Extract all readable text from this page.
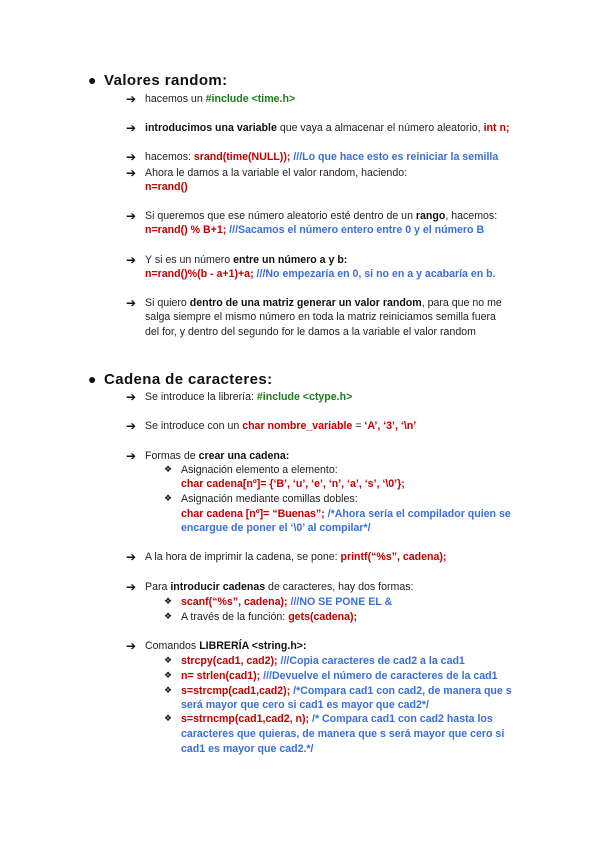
● Valores random:
➔ hacemos un #include <time.h>
➔ introducimos una variable que vaya a almacenar el número aleatorio, int n;
➔ hacemos: srand(time(NULL)); ///Lo que hace esto es reiniciar la semilla
➔ Ahora le damos a la variable el valor random, haciendo:
n=rand()
➔ Si queremos que ese número aleatorio esté dentro de un rango, hacemos:
n=rand() % B+1; ///Sacamos el número entero entre 0 y el número B
➔ Y si es un número entre un número a y b:
n=rand()%(b - a+1)+a; ///No empezaría en 0, si no en a y acabaría en b.
➔ Si quiero dentro de una matriz generar un valor random, para que no me
salga siempre el mismo número en toda la matriz reiniciamos semilla fuera
del for, y dentro del segundo for le damos a la variable el valor random
● Cadena de caracteres:
➔ Se introduce la librería: #include <ctype.h>
➔ Se introduce con un char nombre_variable = ‘A’, ‘3’, ‘\n’
➔ Formas de crear una cadena:
❖ Asignación elemento a elemento:
char cadena[nº]= {‘B’, ‘u’, ‘e’, ‘n’, ‘a’, ‘s’, ‘\0’};
❖ Asignación mediante comillas dobles:
char cadena [nº]= “Buenas”; /*Ahora sería el compilador quien se
encargue de poner el ‘\0’ al compilar*/
➔ A la hora de imprimir la cadena, se pone: printf(“%s”, cadena);
➔ Para introducir cadenas de caracteres, hay dos formas:
❖ scanf(“%s”, cadena); ///NO SE PONE EL &
❖ A través de la función: gets(cadena);
➔ Comandos LIBRERÍA <string.h>:
❖ strcpy(cad1, cad2); ///Copia caracteres de cad2 a la cad1
❖ n= strlen(cad1); ///Devuelve el número de caracteres de la cad1
❖ s=strcmp(cad1,cad2); /*Compara cad1 con cad2, de manera que s
será mayor que cero si cad1 es mayor que cad2*/
❖ s=strncmp(cad1,cad2, n); /* Compara cad1 con cad2 hasta los
caracteres que quieras, de manera que s será mayor que cero si
cad1 es mayor que cad2.*/
